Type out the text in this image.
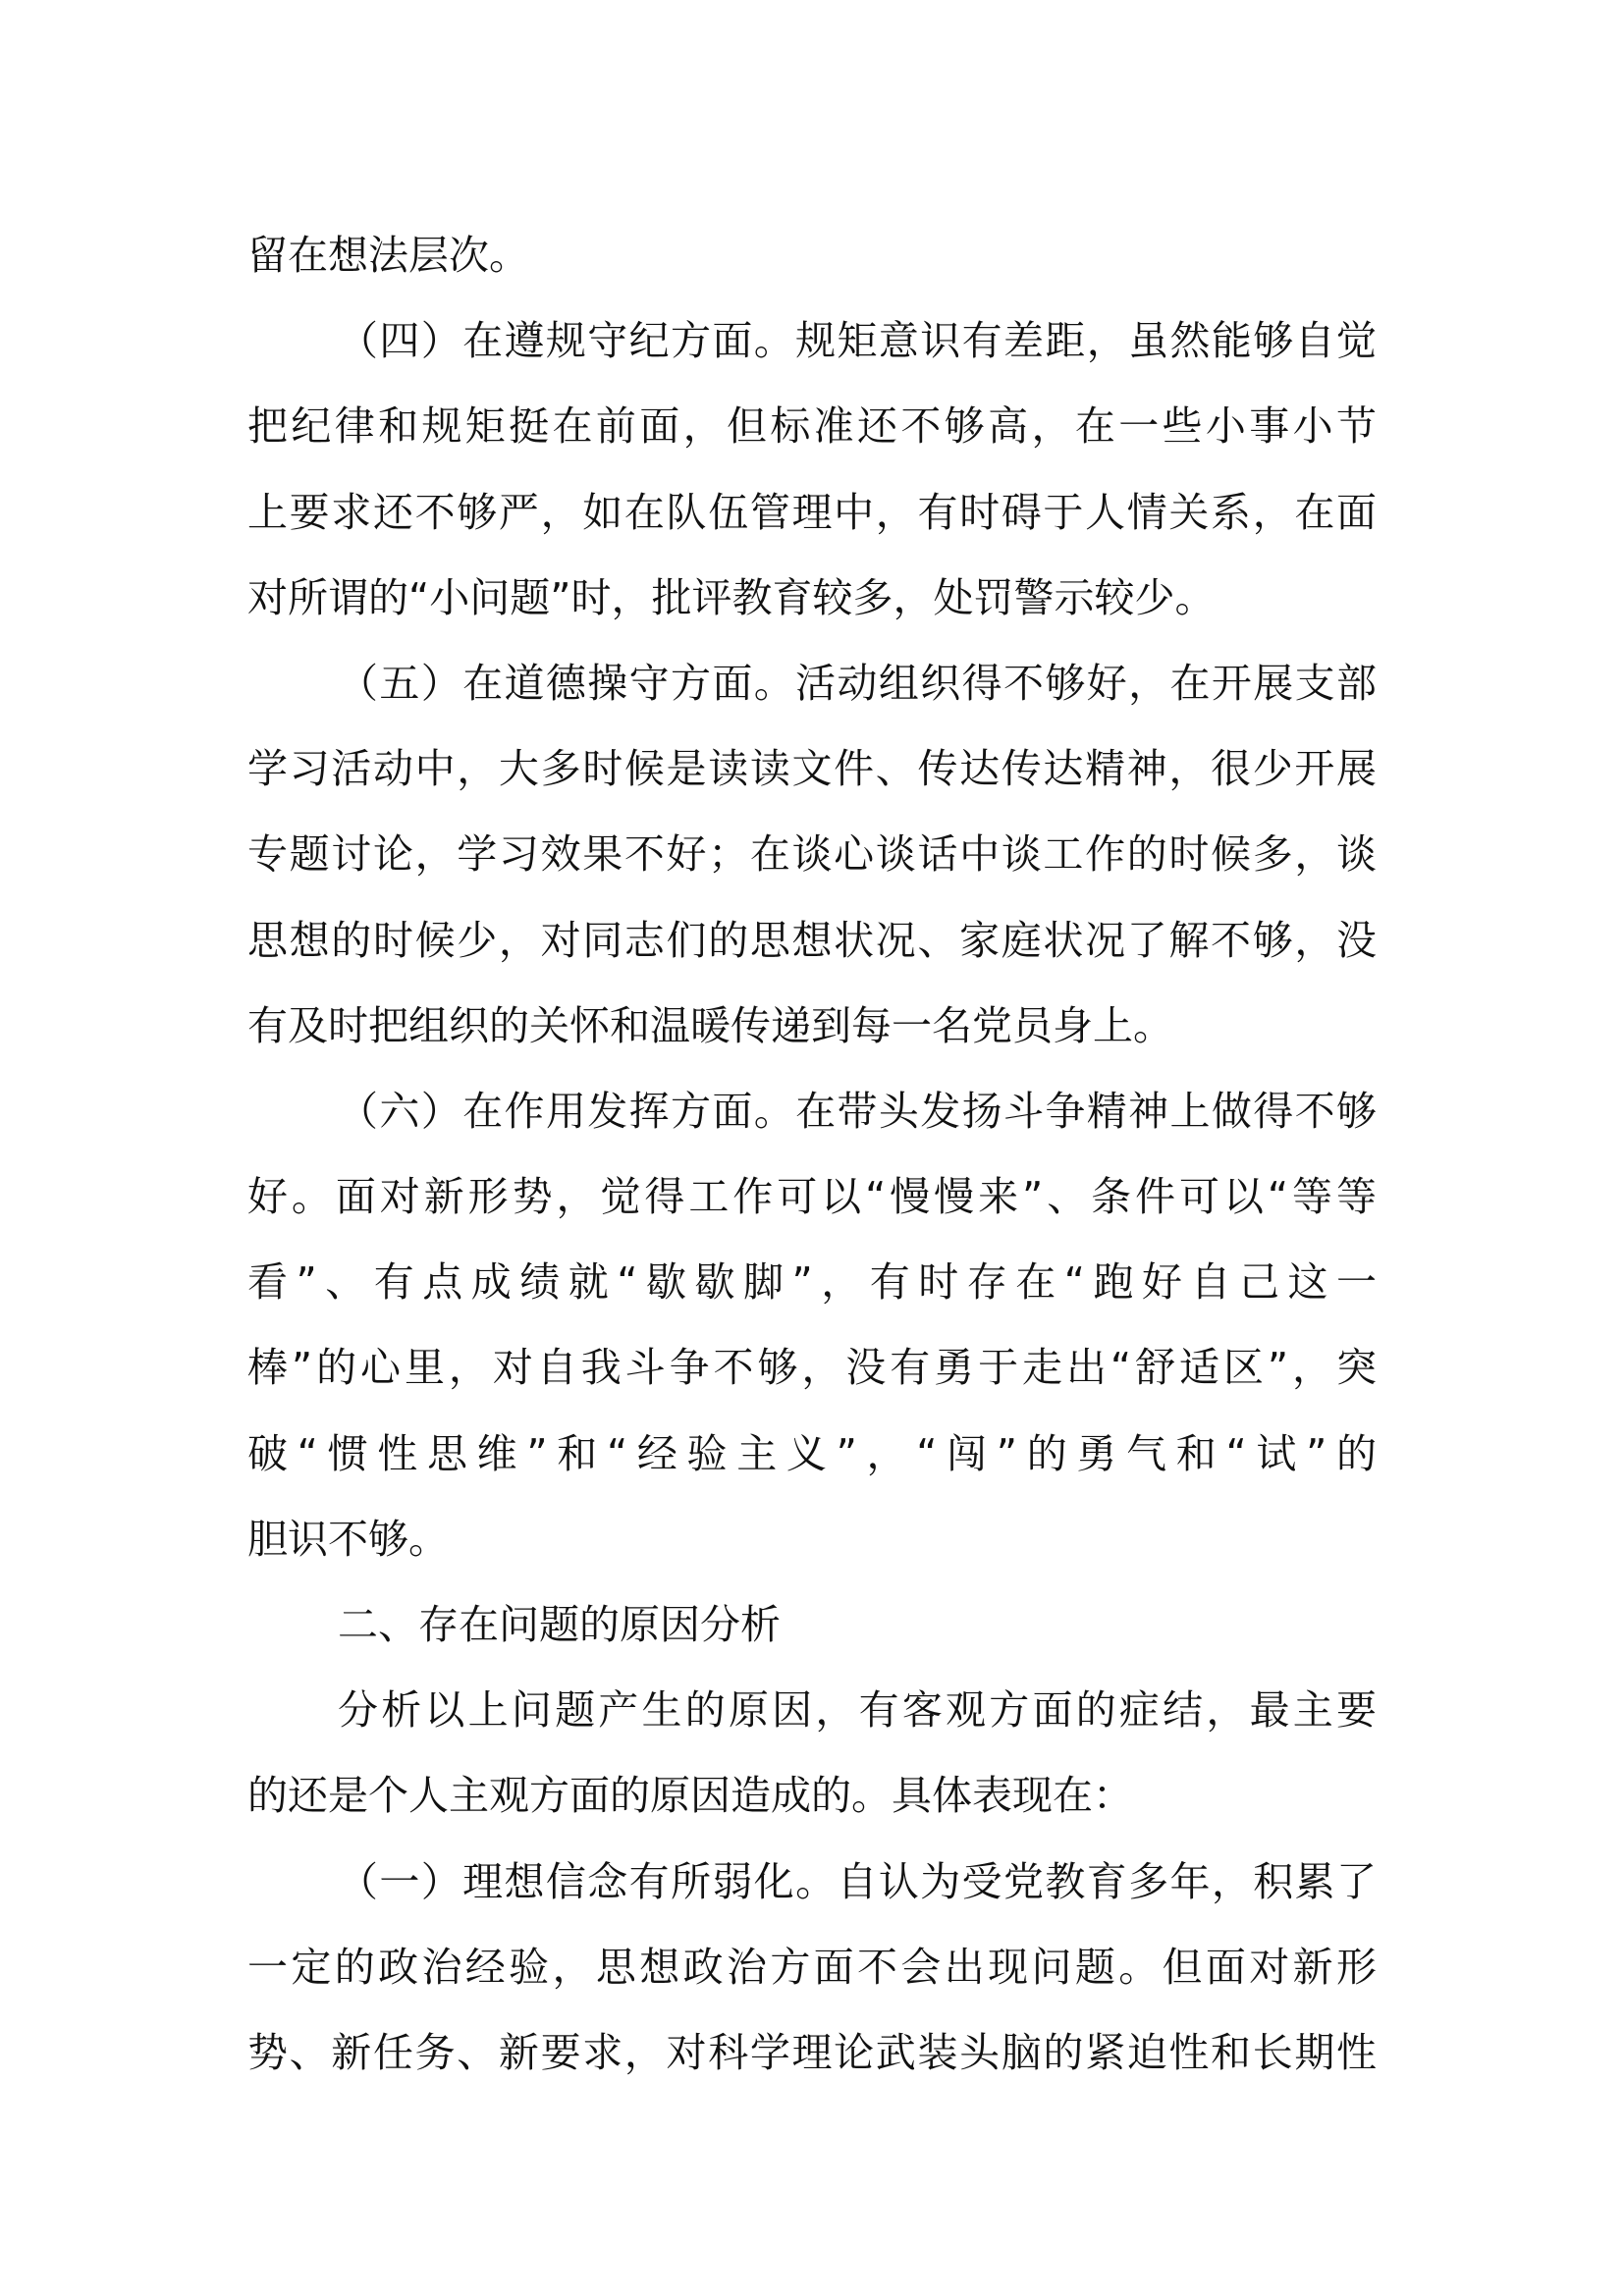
留在想法层次。
（四）在遵规守纪方面。规矩意识有差距，虽然能够自觉
把纪律和规矩挺在前面，但标准还不够高，在一些小事小节
上要求还不够严，如在队伍管理中，有时碍于人情关系，在面
对所谓的“小问题”时，批评教育较多，处罚警示较少。
（五）在道德操守方面。活动组织得不够好，在开展支部
学习活动中，大多时候是读读文件、传达传达精神，很少开展
专题讨论，学习效果不好；在谈心谈话中谈工作的时候多，谈
思想的时候少，对同志们的思想状况、家庭状况了解不够，没
有及时把组织的关怀和温暖传递到每一名党员身上。
（六）在作用发挥方面。在带头发扬斗争精神上做得不够
好。面对新形势，觉得工作可以“慢慢来”、条件可以“等等
看”、有点成绩就“歇歇脚”，有时存在“跑好自己这一
棒”的心里，对自我斗争不够，没有勇于走出“舒适区”，突
破“惯性思维”和“经验主义”，“闯”的勇气和“试”的
胆识不够。
二、存在问题的原因分析
分析以上问题产生的原因，有客观方面的症结，最主要
的还是个人主观方面的原因造成的。具体表现在：
（一）理想信念有所弱化。自认为受党教育多年，积累了
一定的政治经验，思想政治方面不会出现问题。但面对新形
势、新任务、新要求，对科学理论武装头脑的紧迫性和长期性
